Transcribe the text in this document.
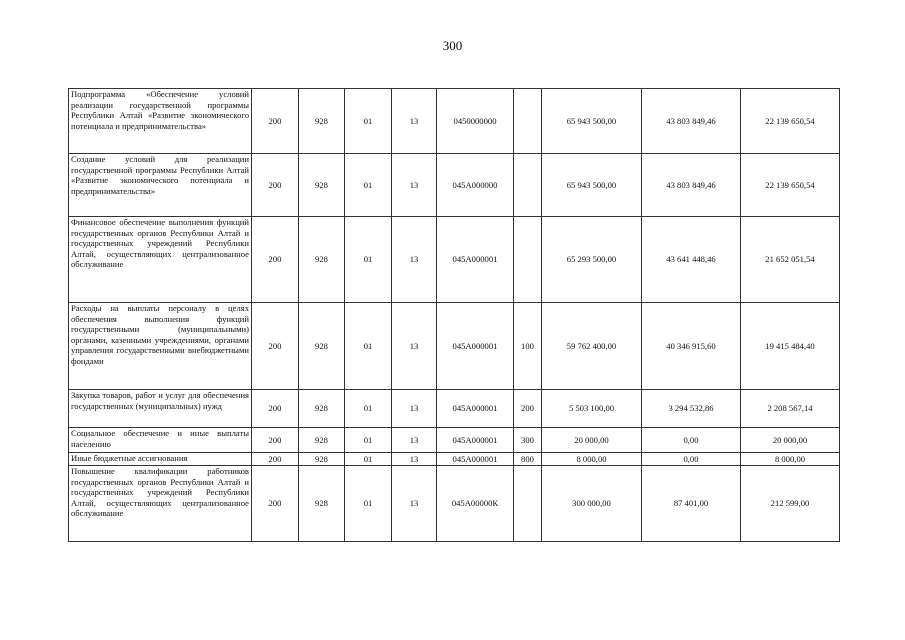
300
Подпрограмма «Обеспечение условий реализации государственной программы Республики Алтай «Развитие экономического потенциала и предпринимательства»	200	928	01	13	0450000000		65 943 500,00	43 803 849,46	22 139 650,54
Создание условий для реализации государственной программы Республики Алтай «Развитие экономического потенциала и предпринимательства»	200	928	01	13	045А000000		65 943 500,00	43 803 849,46	22 139 650,54
Финансовое обеспечение выполнения функций государственных органов Республики Алтай и государственных учреждений Республики Алтай, осуществляющих централизованное обслуживание	200	928	01	13	045А000001		65 293 500,00	43 641 448,46	21 652 051,54
Расходы на выплаты персоналу в целях обеспечения выполнения функций государственными (муниципальными) органами, казенными учреждениями, органами управления государственными внебюджетными фондами	200	928	01	13	045А000001	100	59 762 400,00	40 346 915,60	19 415 484,40
Закупка товаров, работ и услуг для обеспечения государственных (муниципальных) нужд	200	928	01	13	045А000001	200	5 503 100,00	3 294 532,86	2 208 567,14
Социальное обеспечение и иные выплаты населению	200	928	01	13	045А000001	300	20 000,00	0,00	20 000,00
Иные бюджетные ассигнования	200	928	01	13	045А000001	800	8 000,00	0,00	8 000,00
Повышение квалификации работников государственных органов Республики Алтай и государственных учреждений Республики Алтай, осуществляющих централизованное обслуживание	200	928	01	13	045А00000К		300 000,00	87 401,00	212 599,00
